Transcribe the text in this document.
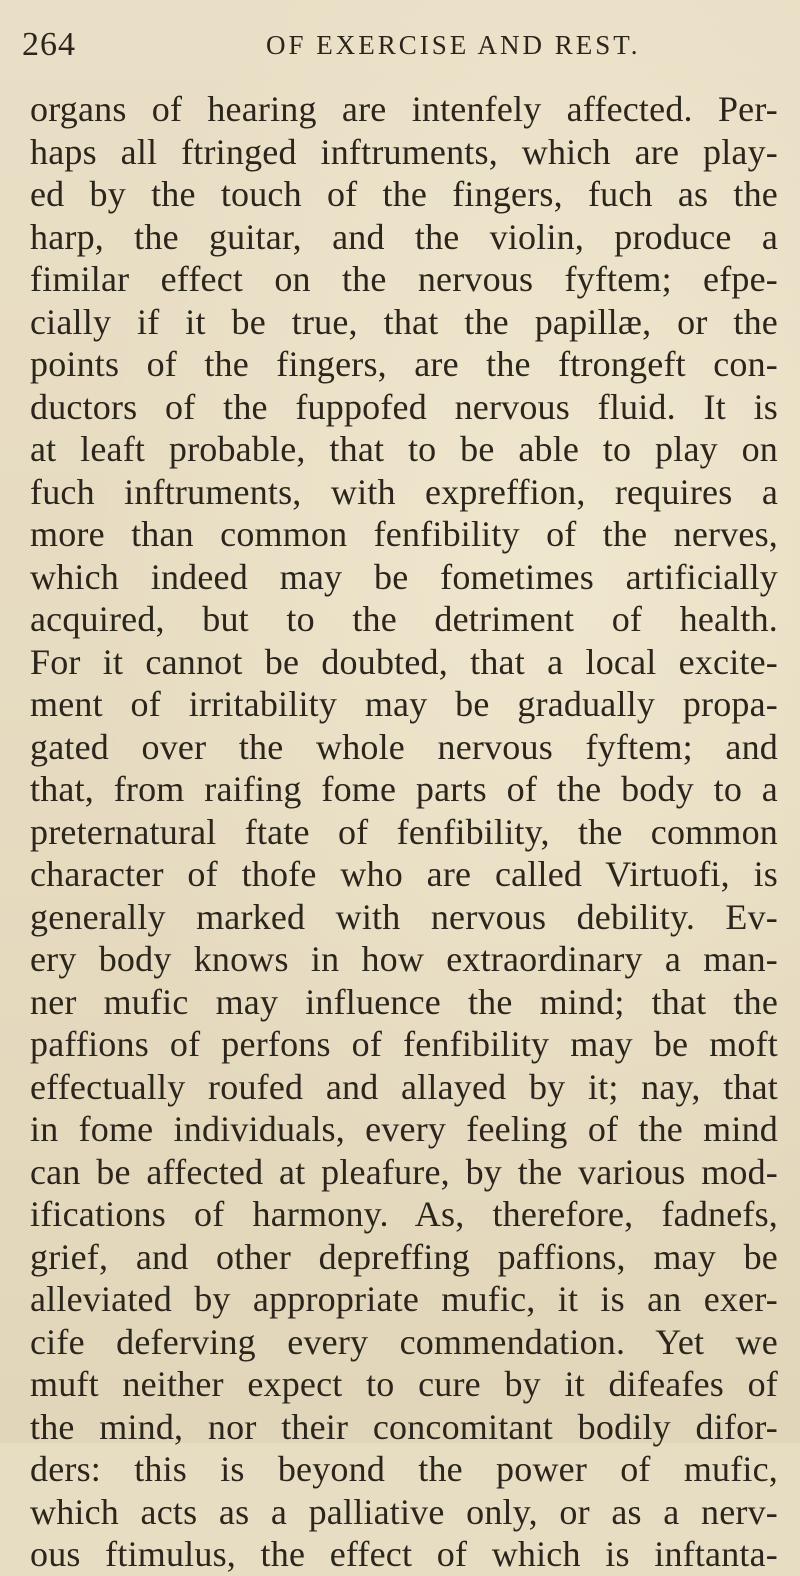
264	OF EXERCISE AND REST.
organs of hearing are intenfely affected. Per-
haps all ftringed inftruments, which are play-
ed by the touch of the fingers, fuch as the
harp, the guitar, and the violin, produce a
fimilar effect on the nervous fyftem; efpe-
cially if it be true, that the papillæ, or the
points of the fingers, are the ftrongeft con-
ductors of the fuppofed nervous fluid. It is
at leaft probable, that to be able to play on
fuch inftruments, with expreffion, requires a
more than common fenfibility of the nerves,
which indeed may be fometimes artificially
acquired, but to the detriment of health.
For it cannot be doubted, that a local excite-
ment of irritability may be gradually propa-
gated over the whole nervous fyftem; and
that, from raifing fome parts of the body to a
preternatural ftate of fenfibility, the common
character of thofe who are called Virtuofi, is
generally marked with nervous debility. Ev-
ery body knows in how extraordinary a man-
ner mufic may influence the mind; that the
paffions of perfons of fenfibility may be moft
effectually roufed and allayed by it; nay, that
in fome individuals, every feeling of the mind
can be affected at pleafure, by the various mod-
ifications of harmony. As, therefore, fadnefs,
grief, and other depreffing paffions, may be
alleviated by appropriate mufic, it is an exer-
cife deferving every commendation. Yet we
muft neither expect to cure by it difeafes of
the mind, nor their concomitant bodily difor-
ders: this is beyond the power of mufic,
which acts as a palliative only, or as a nerv-
ous ftimulus, the effect of which is inftanta-
